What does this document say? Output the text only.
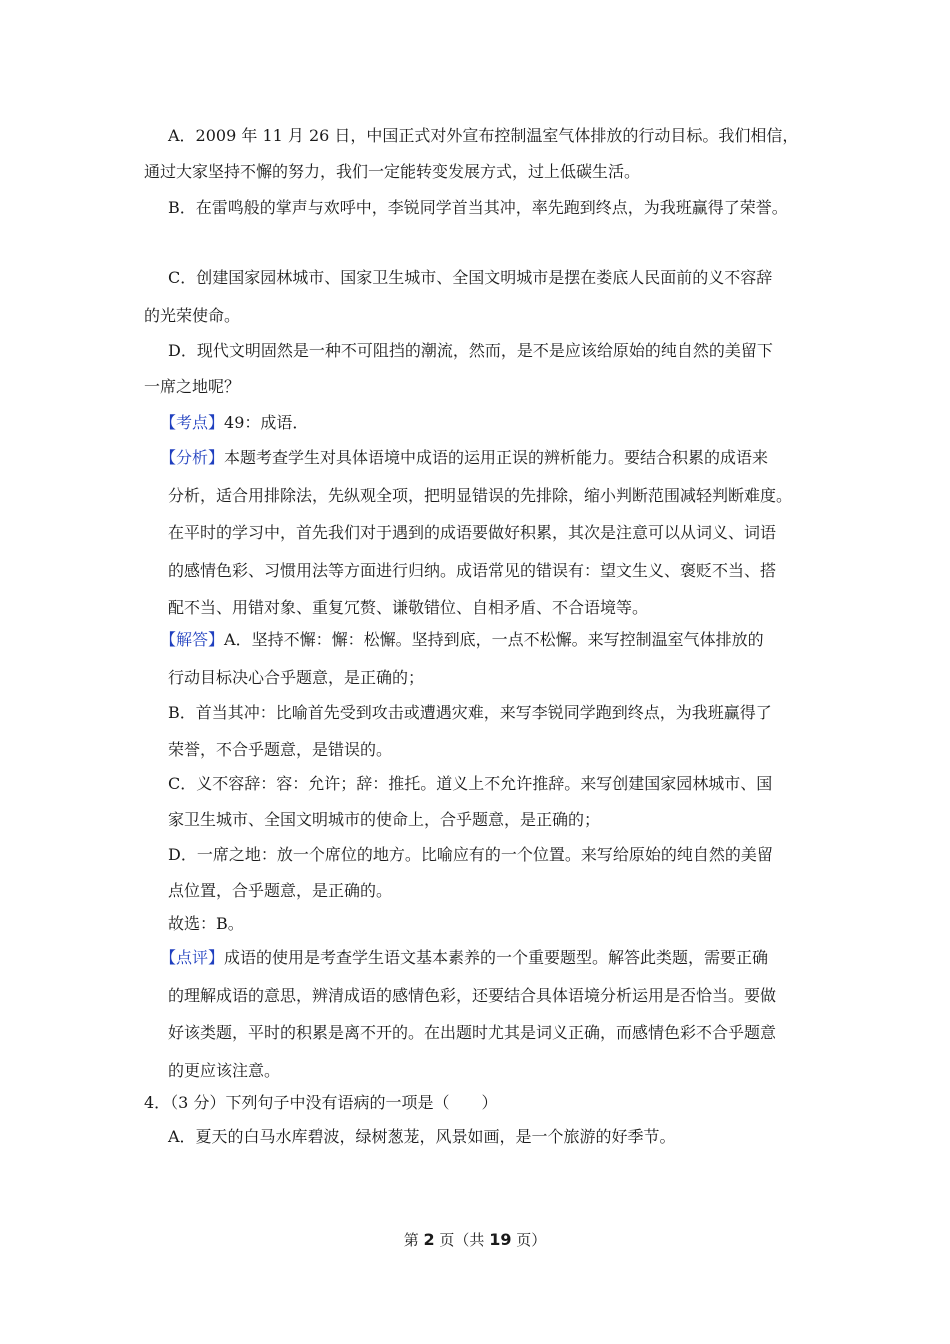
A．2009 年 11 月 26 日，中国正式对外宣布控制温室气体排放的行动目标。我们相信，
通过大家坚持不懈的努力，我们一定能转变发展方式，过上低碳生活。
B．在雷鸣般的掌声与欢呼中，李锐同学首当其冲，率先跑到终点，为我班赢得了荣誉。
C．创建国家园林城市、国家卫生城市、全国文明城市是摆在娄底人民面前的义不容辞
的光荣使命。
D．现代文明固然是一种不可阻挡的潮流，然而，是不是应该给原始的纯自然的美留下
一席之地呢？
【考点】49：成语．
【分析】本题考查学生对具体语境中成语的运用正误的辨析能力。要结合积累的成语来
分析，适合用排除法，先纵观全项，把明显错误的先排除，缩小判断范围减轻判断难度。
在平时的学习中，首先我们对于遇到的成语要做好积累，其次是注意可以从词义、词语
的感情色彩、习惯用法等方面进行归纳。成语常见的错误有：望文生义、褒贬不当、搭
配不当、用错对象、重复冗赘、谦敬错位、自相矛盾、不合语境等。
【解答】A．坚持不懈：懈：松懈。坚持到底，一点不松懈。来写控制温室气体排放的
行动目标决心合乎题意，是正确的；
B．首当其冲：比喻首先受到攻击或遭遇灾难，来写李锐同学跑到终点，为我班赢得了
荣誉，不合乎题意，是错误的。
C．义不容辞：容：允许；辞：推托。道义上不允许推辞。来写创建国家园林城市、国
家卫生城市、全国文明城市的使命上，合乎题意，是正确的；
D．一席之地：放一个席位的地方。比喻应有的一个位置。来写给原始的纯自然的美留
点位置，合乎题意，是正确的。
故选：B。
【点评】成语的使用是考查学生语文基本素养的一个重要题型。解答此类题，需要正确
的理解成语的意思，辨清成语的感情色彩，还要结合具体语境分析运用是否恰当。要做
好该类题，平时的积累是离不开的。在出题时尤其是词义正确，而感情色彩不合乎题意
的更应该注意。
4．（3 分）下列句子中没有语病的一项是（　　）
A．夏天的白马水库碧波，绿树葱茏，风景如画，是一个旅游的好季节。
第 2 页（共 19 页）
